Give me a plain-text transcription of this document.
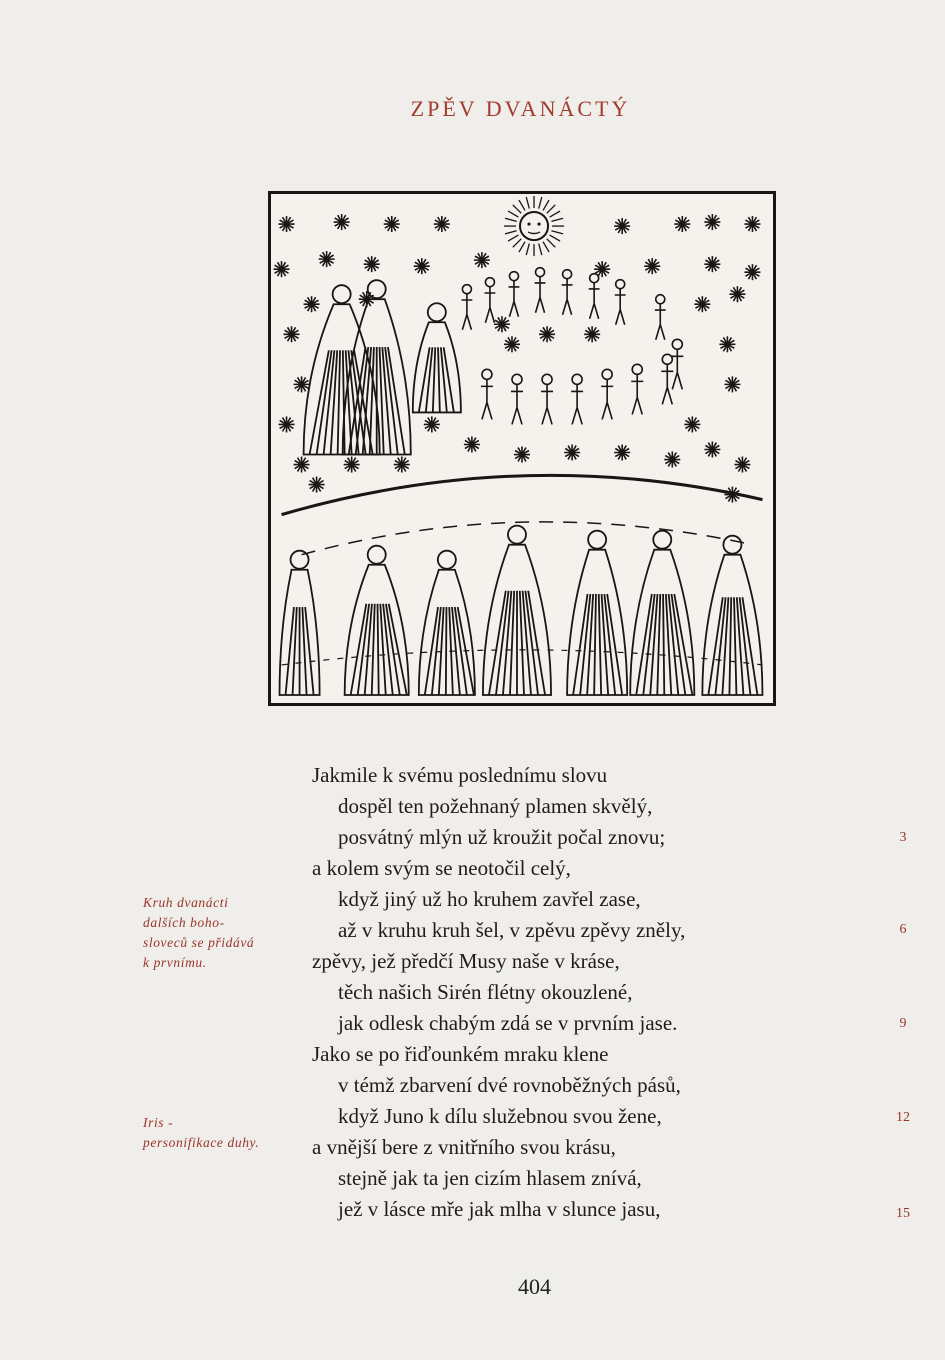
ZPĚV DVANÁCTÝ
Jakmile k svému poslednímu slovu
dospěl ten požehnaný plamen skvělý,
posvátný mlýn už kroužit počal znovu;
a kolem svým se neotočil celý,
když jiný už ho kruhem zavřel zase,
až v kruhu kruh šel, v zpěvu zpěvy zněly,
zpěvy, jež předčí Musy naše v kráse,
těch našich Sirén flétny okouzlené,
jak odlesk chabým zdá se v prvním jase.
Jako se po řiďounkém mraku klene
v témž zbarvení dvé rovnoběžných pásů,
když Juno k dílu služebnou svou žene,
a vnější bere z vnitřního svou krásu,
stejně jak ta jen cizím hlasem znívá,
jež v lásce mře jak mlha v slunce jasu,
3
6
9
12
15
Kruh dvanácti
dalších boho-
sloveců se přidává
k prvnímu.
Iris -
personifikace duhy.
404
